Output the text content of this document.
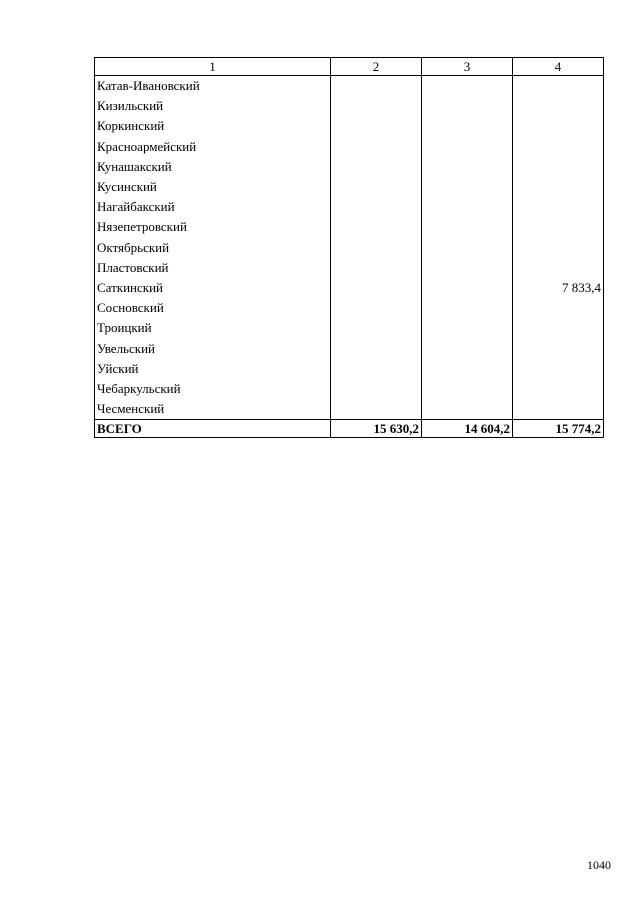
1	2	3	4
Катав-Ивановский			
Кизильский			
Коркинский			
Красноармейский			
Кунашакский			
Кусинский			
Нагайбакский			
Нязепетровский			
Октябрьский			
Пластовский			
Саткинский			7 833,4
Сосновский			
Троицкий			
Увельский			
Уйский			
Чебаркульский			
Чесменский			
ВСЕГО	15 630,2	14 604,2	15 774,2
1040
